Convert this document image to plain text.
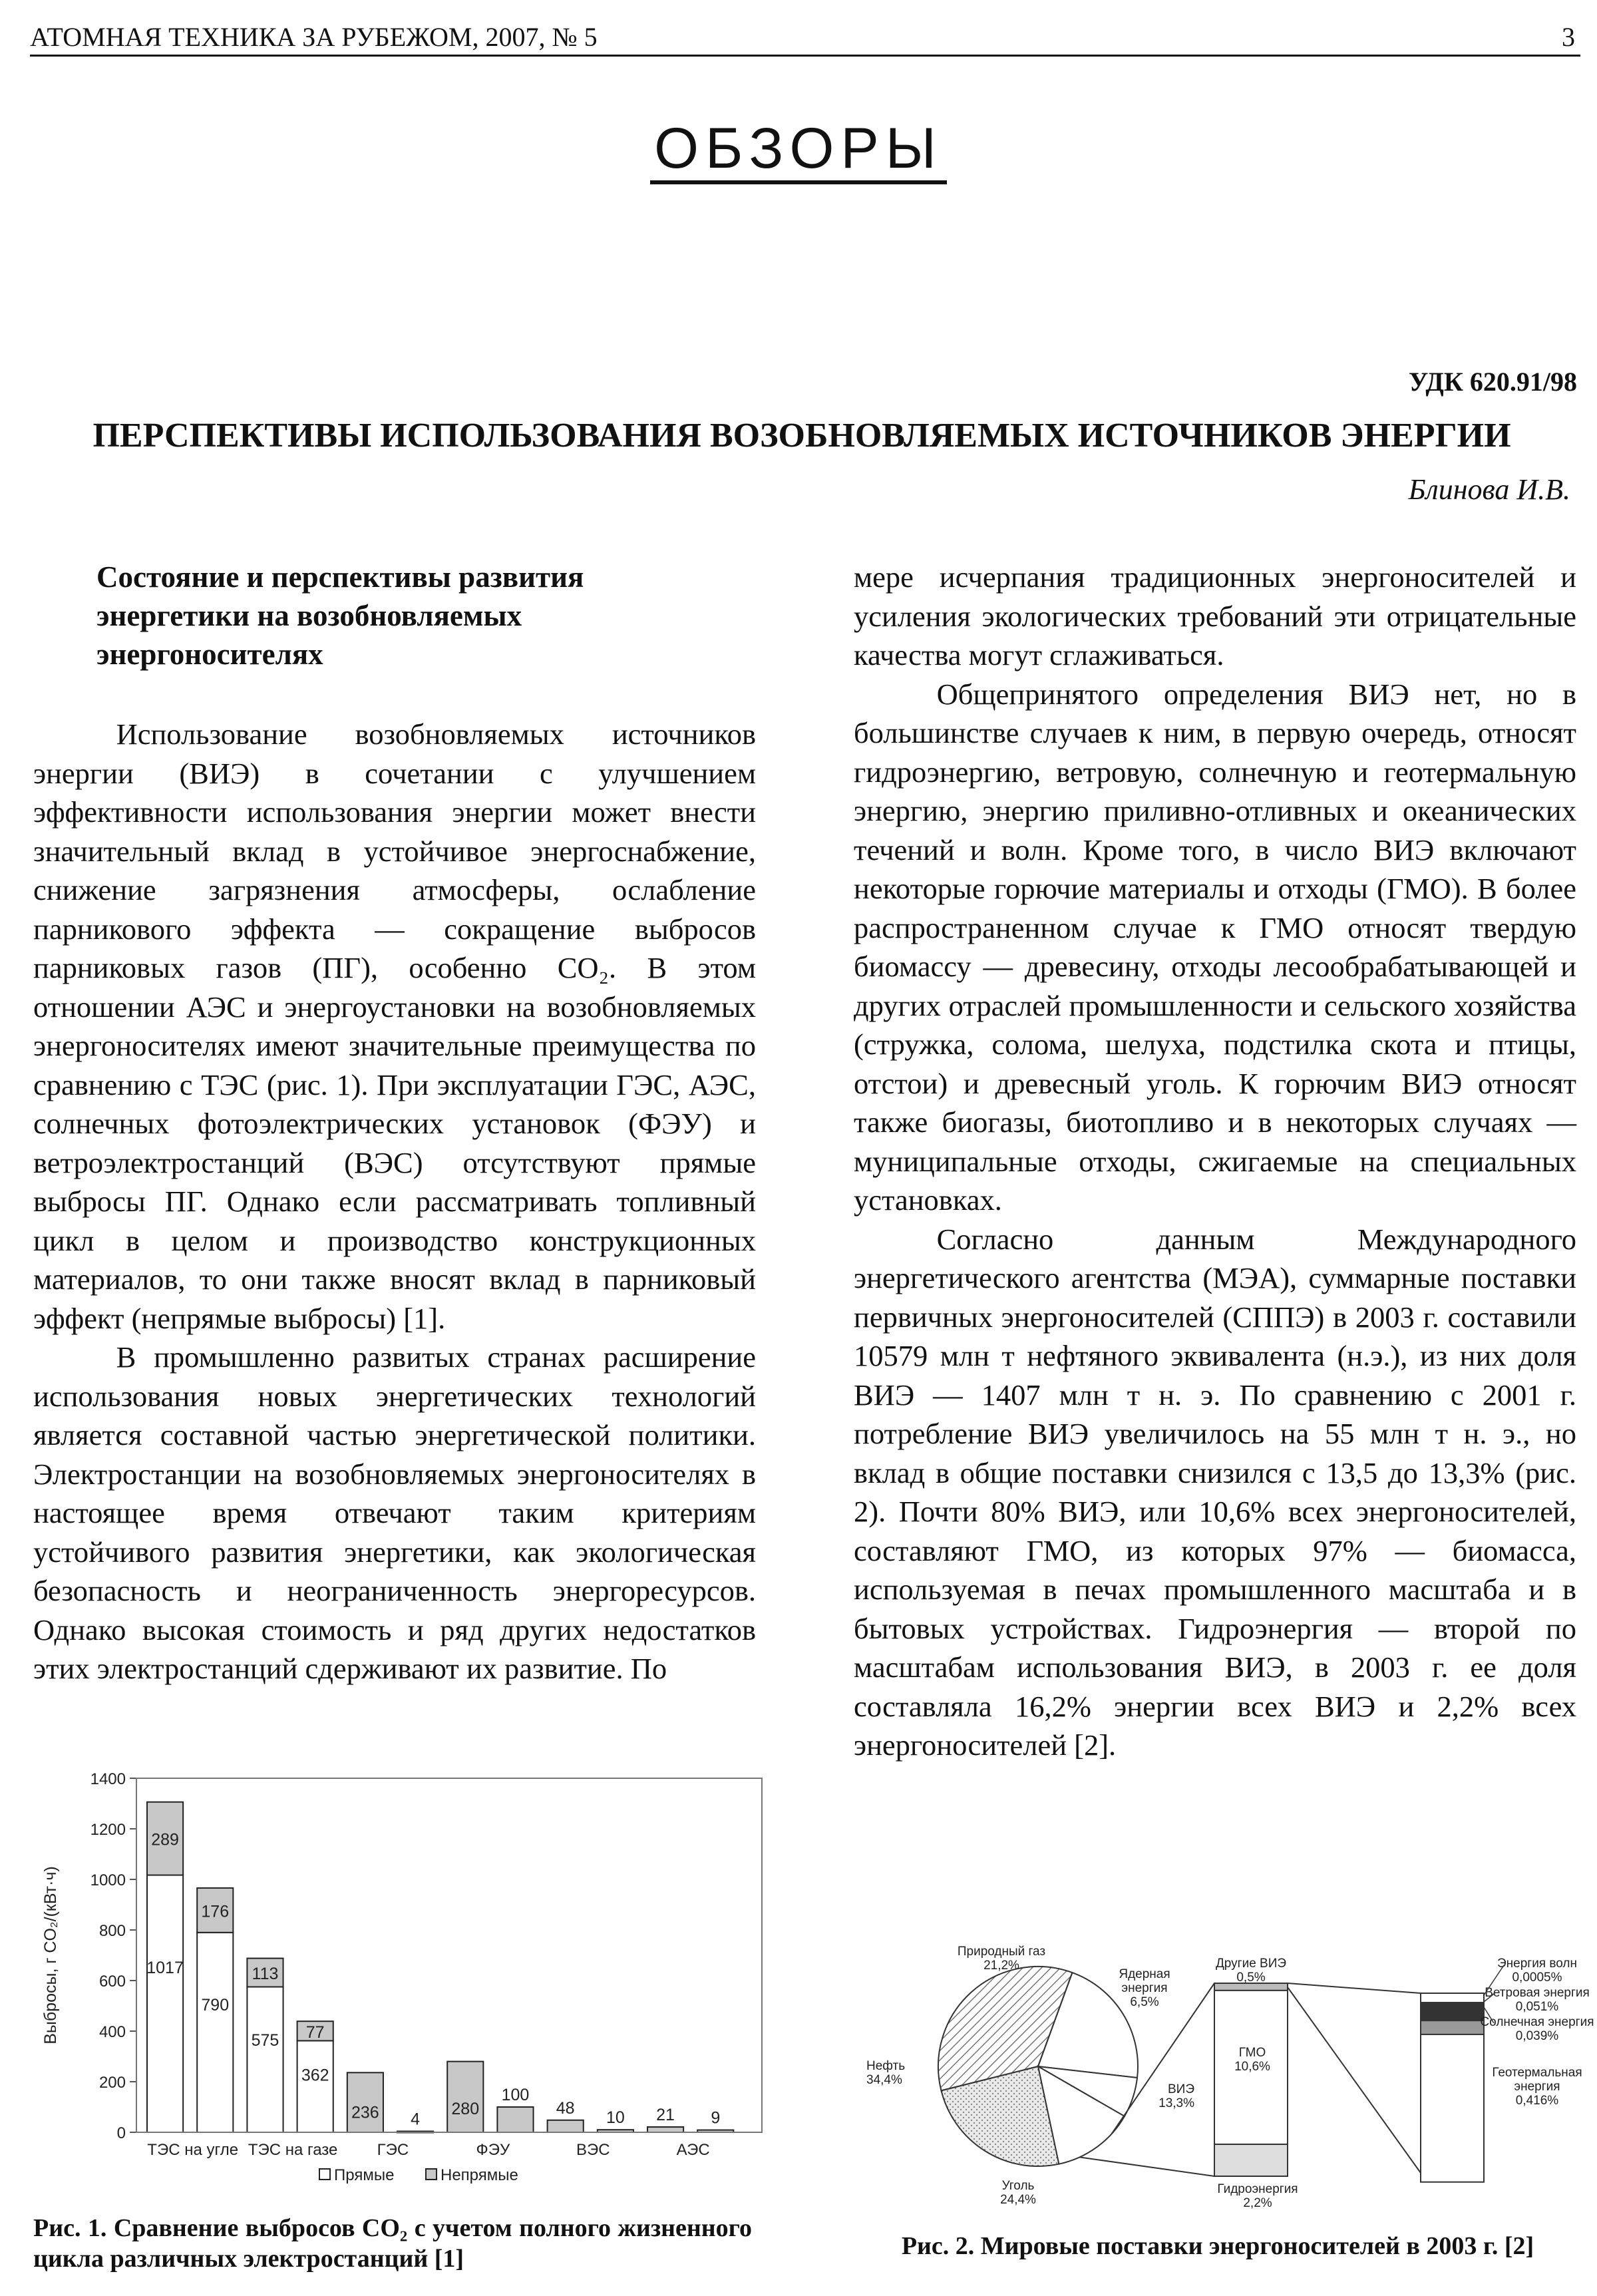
АТОМНАЯ ТЕХНИКА ЗА РУБЕЖОМ, 2007, № 5	3
ОБЗОРЫ
УДК 620.91/98
ПЕРСПЕКТИВЫ ИСПОЛЬЗОВАНИЯ ВОЗОБНОВЛЯЕМЫХ ИСТОЧНИКОВ ЭНЕРГИИ
Блинова И.В.

Состояние и перспективы развития энергетики на возобновляемых энергоносителях

Использование возобновляемых источников энергии (ВИЭ) в сочетании с улучшением эффективности использования энергии может внести значительный вклад в устойчивое энергоснабжение, снижение загрязнения атмосферы, ослабление парникового эффекта — сокращение выбросов парниковых газов (ПГ), особенно CO₂. В этом отношении АЭС и энергоустановки на возобновляемых энергоносителях имеют значительные преимущества по сравнению с ТЭС (рис. 1). При эксплуатации ГЭС, АЭС, солнечных фотоэлектрических установок (ФЭУ) и ветроэлектростанций (ВЭС) отсутствуют прямые выбросы ПГ. Однако если рассматривать топливный цикл в целом и производство конструкционных материалов, то они также вносят вклад в парниковый эффект (непрямые выбросы) [1].

В промышленно развитых странах расширение использования новых энергетических технологий является составной частью энергетической политики. Электростанции на возобновляемых энергоносителях в настоящее время отвечают таким критериям устойчивого развития энергетики, как экологическая безопасность и неограниченность энергоресурсов. Однако высокая стоимость и ряд других недостатков этих электростанций сдерживают их развитие. По

мере исчерпания традиционных энергоносителей и усиления экологических требований эти отрицательные качества могут сглаживаться.

Общепринятого определения ВИЭ нет, но в большинстве случаев к ним, в первую очередь, относят гидроэнергию, ветровую, солнечную и геотермальную энергию, энергию приливно-отливных и океанических течений и волн. Кроме того, в число ВИЭ включают некоторые горючие материалы и отходы (ГМО). В более распространенном случае к ГМО относят твердую биомассу — древесину, отходы лесообрабатывающей и других отраслей промышленности и сельского хозяйства (стружка, солома, шелуха, подстилка скота и птицы, отстои) и древесный уголь. К горючим ВИЭ относят также биогазы, биотопливо и в некоторых случаях — муниципальные отходы, сжигаемые на специальных установках.

Согласно данным Международного энергетического агентства (МЭА), суммарные поставки первичных энергоносителей (СППЭ) в 2003 г. составили 10579 млн т нефтяного эквивалента (н.э.), из них доля ВИЭ — 1407 млн т н. э. По сравнению с 2001 г. потребление ВИЭ увеличилось на 55 млн т н. э., но вклад в общие поставки снизился с 13,5 до 13,3% (рис. 2). Почти 80% ВИЭ, или 10,6% всех энергоносителей, составляют ГМО, из которых 97% — биомасса, используемая в печах промышленного масштаба и в бытовых устройствах. Гидроэнергия — второй по масштабам использования ВИЭ, в 2003 г. ее доля составляла 16,2% энергии всех ВИЭ и 2,2% всех энергоносителей [2].

0
200
400
600
800
1000
1200
1400
Выбросы, г CO₂/(кВт·ч)	1017
289
790
176
575
113
362
77
236 4
280
100
48
10 21 9
ТЭС на угле ТЭС на газе ГЭС	ФЭУ	ВЭС	АЭС
Прямые	Непрямые
Рис. 1. Сравнение выбросов CO₂ с учетом полного жизненного цикла различных электростанций [1]
Природный газ
21,2%
Ядерная
энергия
6,5%
Нефть
34,4%
Уголь
24,4%
ВИЭ
13,3%
Другие ВИЭ
0,5%
ГМО
10,6%
Гидроэнергия
2,2%
Энергия волн
0,0005%
Ветровая энергия
0,051%
Солнечная энергия
0,039%
Геотермальная
энергия
0,416%
Рис. 2. Мировые поставки энергоносителей в 2003 г. [2]
